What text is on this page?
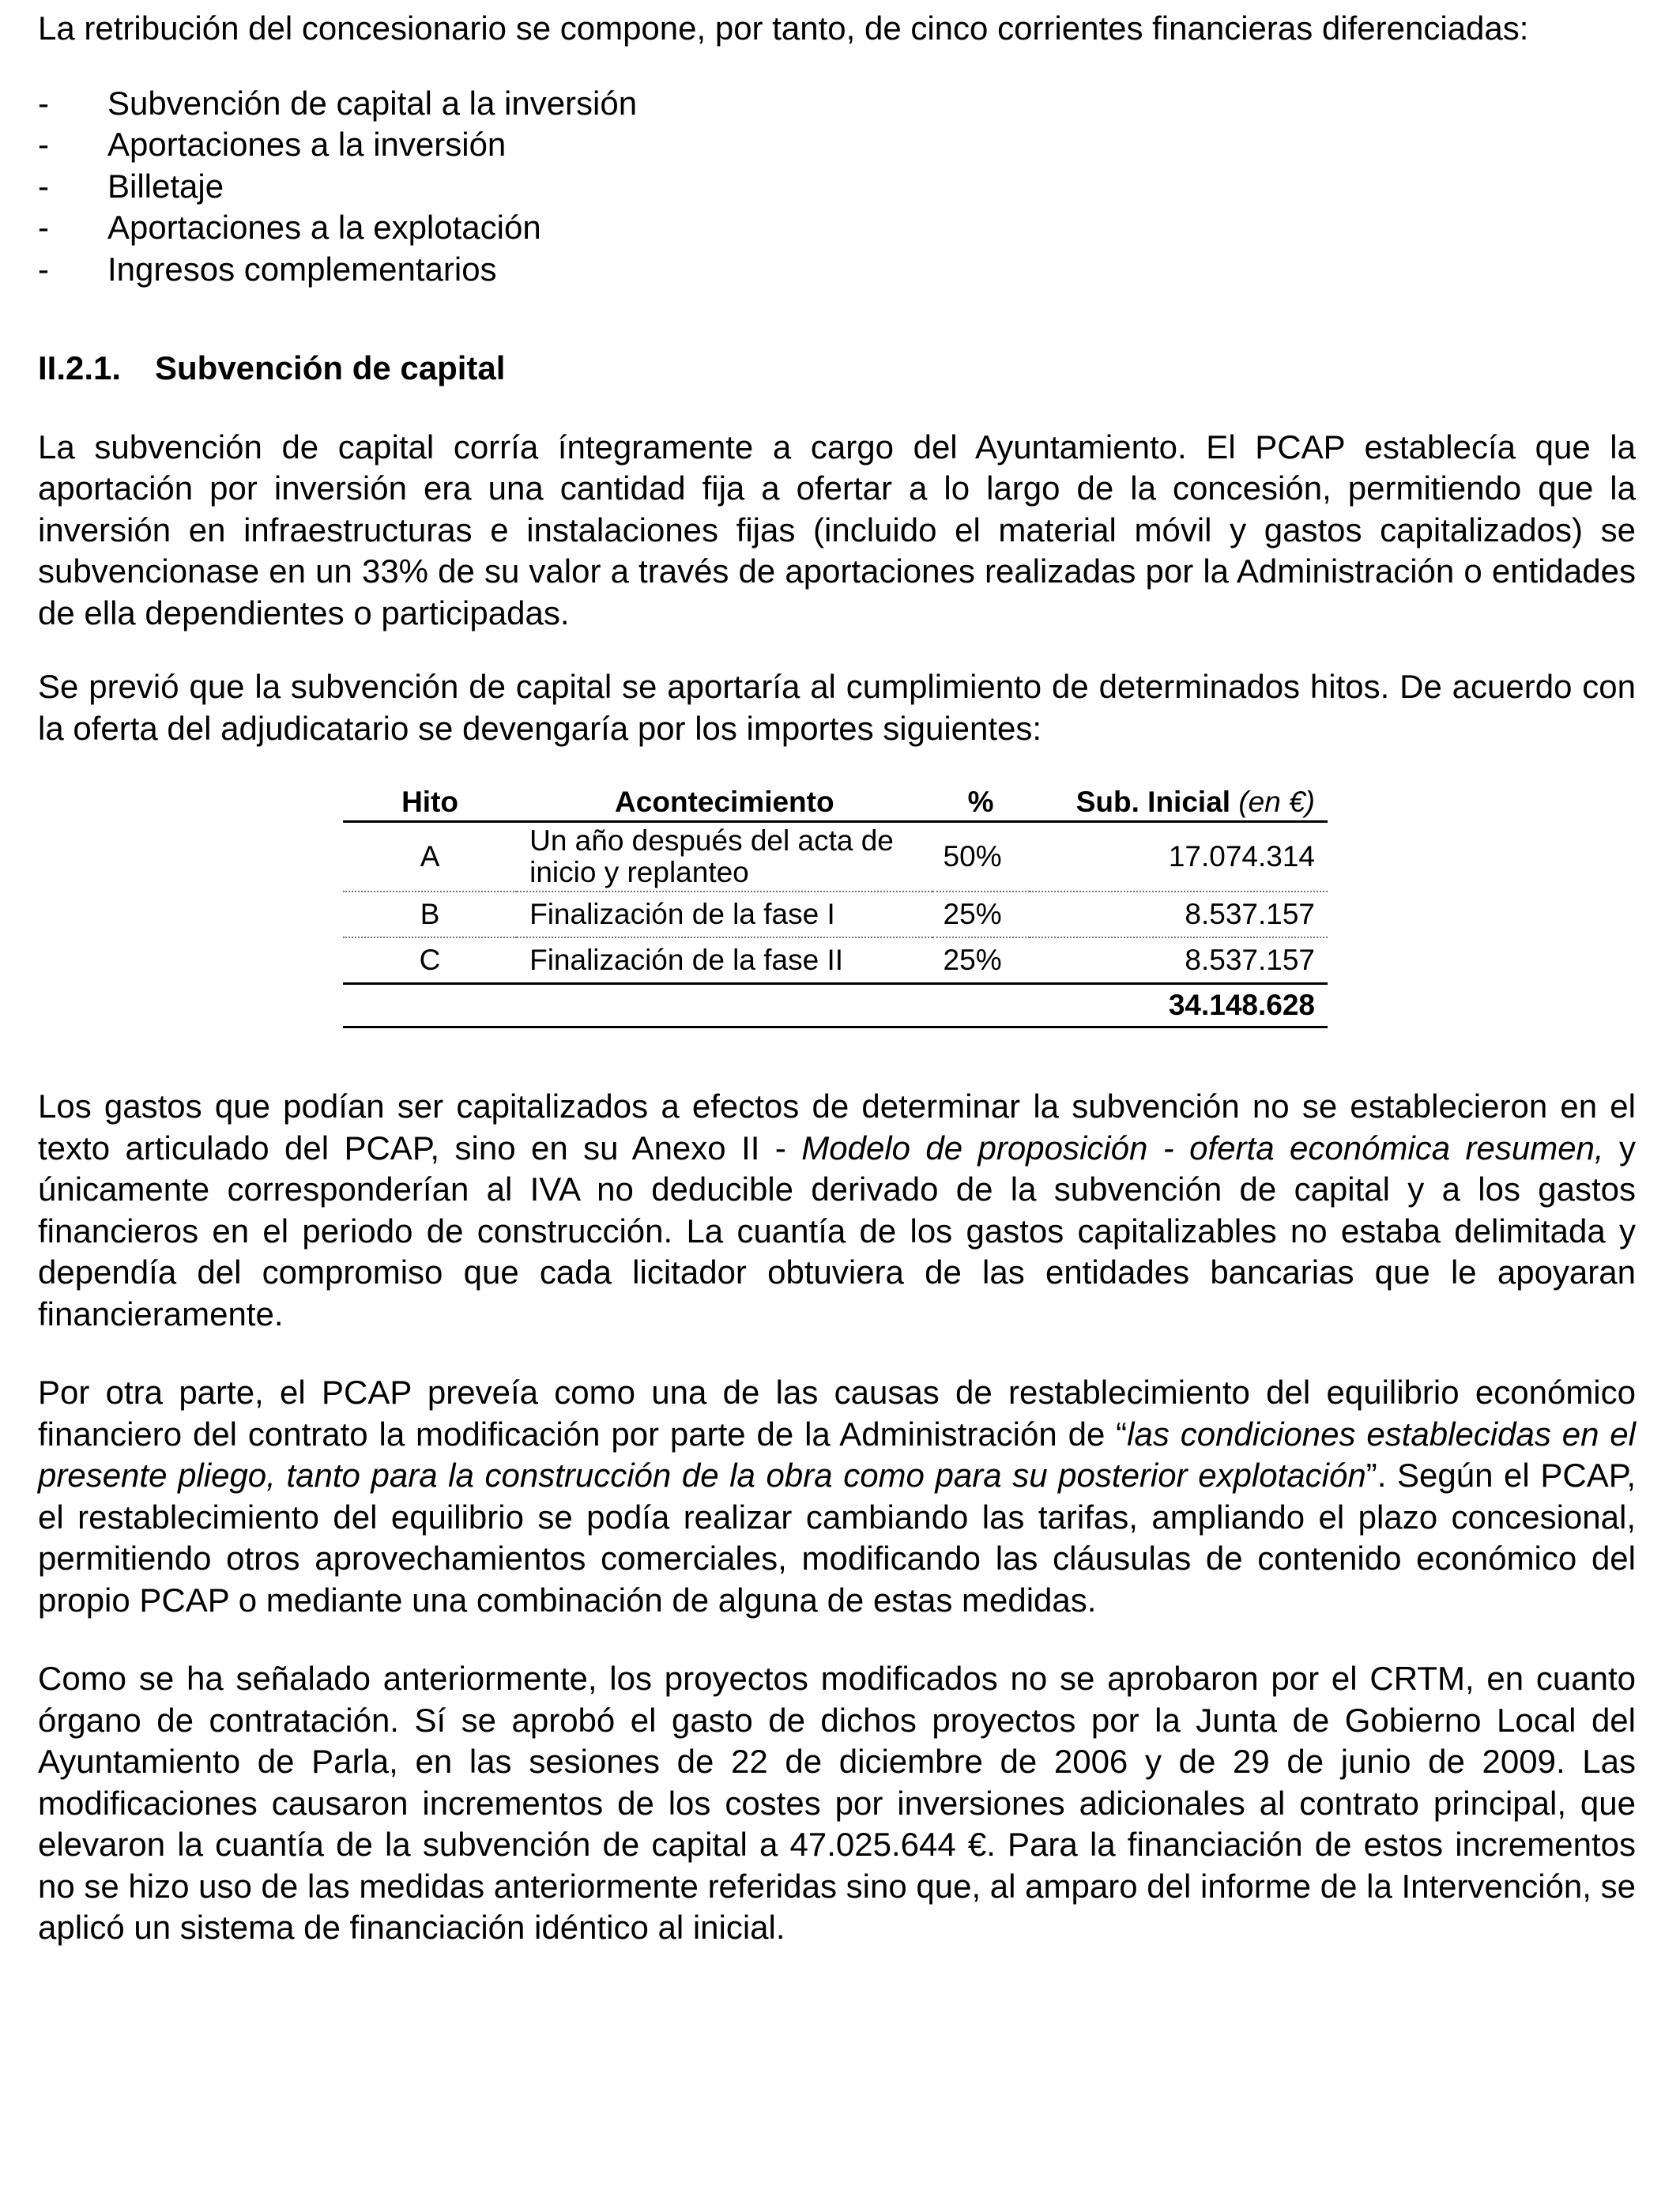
La retribución del concesionario se compone, por tanto, de cinco corrientes financieras diferenciadas:

-	Subvención de capital a la inversión
-	Aportaciones a la inversión
-	Billetaje
-	Aportaciones a la explotación
-	Ingresos complementarios
II.2.1.	Subvención de capital

La subvención de capital corría íntegramente a cargo del Ayuntamiento. El PCAP establecía que la aportación por inversión era una cantidad fija a ofertar a lo largo de la concesión, permitiendo que la inversión en infraestructuras e instalaciones fijas (incluido el material móvil y gastos capitalizados) se subvencionase en un 33% de su valor a través de aportaciones realizadas por la Administración o entidades de ella dependientes o participadas.

Se previó que la subvención de capital se aportaría al cumplimiento de determinados hitos. De acuerdo con la oferta del adjudicatario se devengaría por los importes siguientes:

Hito	Acontecimiento	%	Sub. Inicial (en €)
A	Un año después del acta de inicio y replanteo	50%	17.074.314
B	Finalización de la fase I	25%	8.537.157
C	Finalización de la fase II	25%	8.537.157
			34.148.628

Los gastos que podían ser capitalizados a efectos de determinar la subvención no se establecieron en el texto articulado del PCAP, sino en su Anexo II - Modelo de proposición - oferta económica resumen, y únicamente corresponderían al IVA no deducible derivado de la subvención de capital y a los gastos financieros en el periodo de construcción. La cuantía de los gastos capitalizables no estaba delimitada y dependía del compromiso que cada licitador obtuviera de las entidades bancarias que le apoyaran financieramente.

Por otra parte, el PCAP preveía como una de las causas de restablecimiento del equilibrio económico financiero del contrato la modificación por parte de la Administración de “las condiciones establecidas en el presente pliego, tanto para la construcción de la obra como para su posterior explotación”. Según el PCAP, el restablecimiento del equilibrio se podía realizar cambiando las tarifas, ampliando el plazo concesional, permitiendo otros aprovechamientos comerciales, modificando las cláusulas de contenido económico del propio PCAP o mediante una combinación de alguna de estas medidas.

Como se ha señalado anteriormente, los proyectos modificados no se aprobaron por el CRTM, en cuanto órgano de contratación. Sí se aprobó el gasto de dichos proyectos por la Junta de Gobierno Local del Ayuntamiento de Parla, en las sesiones de 22 de diciembre de 2006 y de 29 de junio de 2009. Las modificaciones causaron incrementos de los costes por inversiones adicionales al contrato principal, que elevaron la cuantía de la subvención de capital a 47.025.644 €. Para la financiación de estos incrementos no se hizo uso de las medidas anteriormente referidas sino que, al amparo del informe de la Intervención, se aplicó un sistema de financiación idéntico al inicial.
